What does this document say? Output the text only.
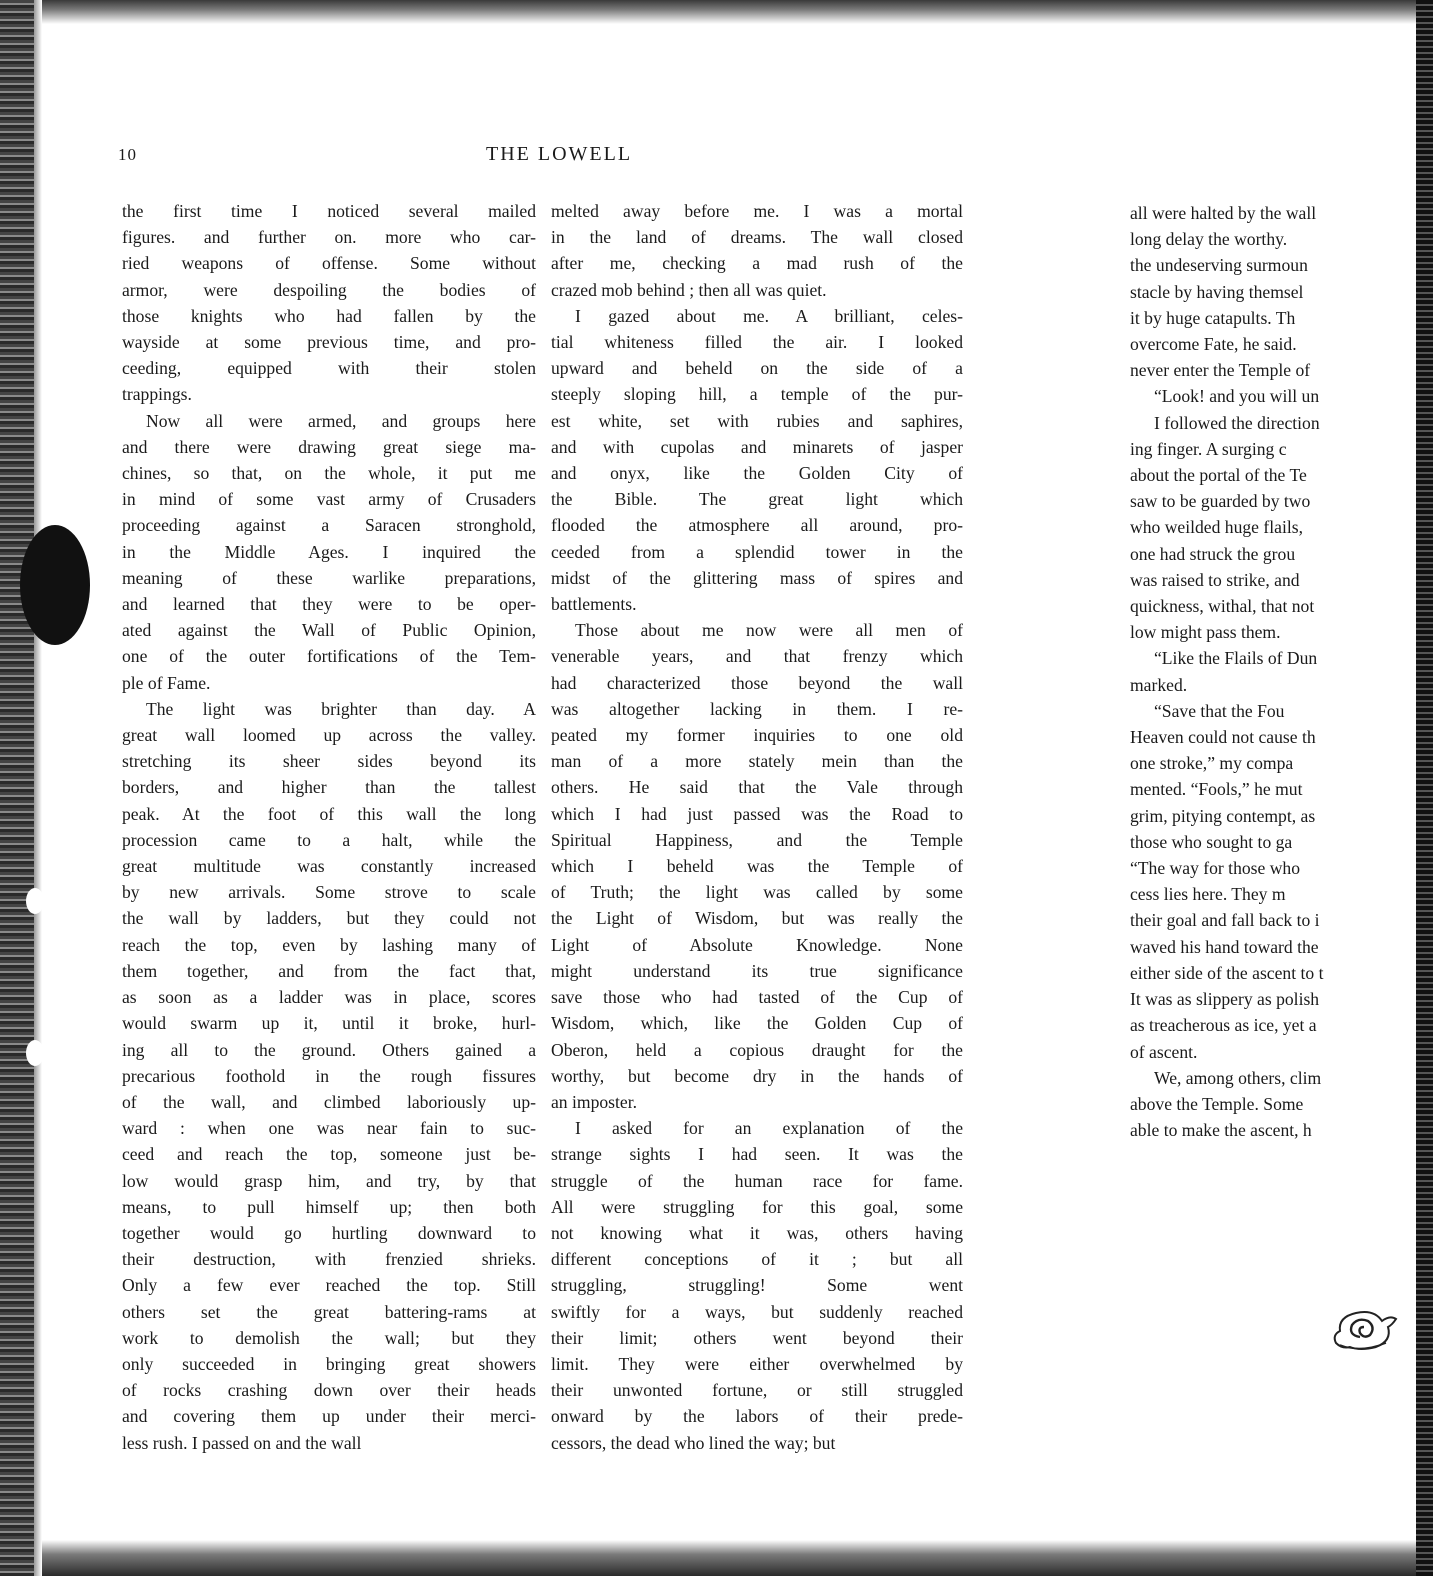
10	THE LOWELL

the first time I noticed several mailed
figures. and further on. more who car-
ried weapons of offense. Some without
armor, were despoiling the bodies of
those knights who had fallen by the
wayside at some previous time, and pro-
ceeding, equipped with their stolen
trappings.

Now all were armed, and groups here
and there were drawing great siege ma-
chines, so that, on the whole, it put me
in mind of some vast army of Crusaders
proceeding against a Saracen stronghold,
in the Middle Ages. I inquired the
meaning of these warlike preparations,
and learned that they were to be oper-
ated against the Wall of Public Opinion,
one of the outer fortifications of the Tem-
ple of Fame.

The light was brighter than day. A
great wall loomed up across the valley.
stretching its sheer sides beyond its
borders, and higher than the tallest
peak. At the foot of this wall the long
procession came to a halt, while the
great multitude was constantly increased
by new arrivals. Some strove to scale
the wall by ladders, but they could not
reach the top, even by lashing many of
them together, and from the fact that,
as soon as a ladder was in place, scores
would swarm up it, until it broke, hurl-
ing all to the ground. Others gained a
precarious foothold in the rough fissures
of the wall, and climbed laboriously up-
ward : when one was near fain to suc-
ceed and reach the top, someone just be-
low would grasp him, and try, by that
means, to pull himself up; then both
together would go hurtling downward to
their destruction, with frenzied shrieks.
Only a few ever reached the top. Still
others set the great battering-rams at
work to demolish the wall; but they
only succeeded in bringing great showers
of rocks crashing down over their heads
and covering them up under their merci-
less rush. I passed on and the wall

melted away before me. I was a mortal
in the land of dreams. The wall closed
after me, checking a mad rush of the
crazed mob behind ; then all was quiet.

I gazed about me. A brilliant, celes-
tial whiteness filled the air. I looked
upward and beheld on the side of a
steeply sloping hill, a temple of the pur-
est white, set with rubies and saphires,
and with cupolas and minarets of jasper
and onyx, like the Golden City of
the Bible. The great light which
flooded the atmosphere all around, pro-
ceeded from a splendid tower in the
midst of the glittering mass of spires and
battlements.

Those about me now were all men of
venerable years, and that frenzy which
had characterized those beyond the wall
was altogether lacking in them. I re-
peated my former inquiries to one old
man of a more stately mein than the
others. He said that the Vale through
which I had just passed was the Road to
Spiritual Happiness, and the Temple
which I beheld was the Temple of
of Truth; the light was called by some
the Light of Wisdom, but was really the
Light of Absolute Knowledge. None
might understand its true significance
save those who had tasted of the Cup of
Wisdom, which, like the Golden Cup of
Oberon, held a copious draught for the
worthy, but become dry in the hands of
an imposter.

I asked for an explanation of the
strange sights I had seen. It was the
struggle of the human race for fame.
All were struggling for this goal, some
not knowing what it was, others having
different conceptions of it ; but all
struggling, struggling! Some went
swiftly for a ways, but suddenly reached
their limit; others went beyond their
limit. They were either overwhelmed by
their unwonted fortune, or still struggled
onward by the labors of their prede-
cessors, the dead who lined the way; but

all were halted by the wall
long delay the worthy.
the undeserving surmoun
stacle by having themsel
it by huge catapults. Th
overcome Fate, he said.
never enter the Temple of

“Look! and you will un

I followed the direction
ing finger. A surging c
about the portal of the Te
saw to be guarded by two
who weilded huge flails,
one had struck the grou
was raised to strike, and
quickness, withal, that not
low might pass them.

“Like the Flails of Dun
marked.

“Save that the Fou
Heaven could not cause th
one stroke,” my compa
mented. “Fools,” he mut
grim, pitying contempt, as
those who sought to ga
“The way for those who
cess lies here. They m
their goal and fall back to i
waved his hand toward the
either side of the ascent to t
It was as slippery as polish
as treacherous as ice, yet a
of ascent.

We, among others, clim
above the Temple. Some
able to make the ascent, h
